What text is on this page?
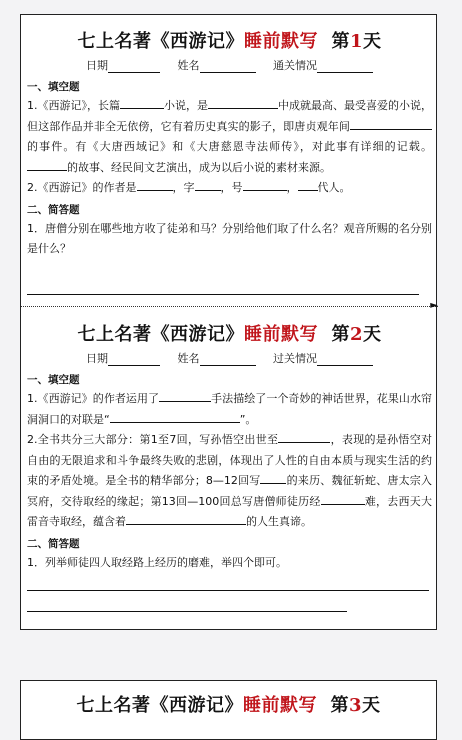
七上名著《西游记》睡前默写 第1天
日期	姓名	通关情况
一、填空题
1.《西游记》，长篇	小说，是	中成就最高、最受喜爱的小说，但这部作品并非全无依傍，它有着历史真实的影子，即唐贞观年间的事件。有《大唐西域记》和《大唐慈恩寺法师传》，对此事有详细的记载。的故事、经民间文艺演出，成为以后小说的素材来源。
2.《西游记》的作者是	，字 ，号	， 代人。
二、简答题
1．唐僧分别在哪些地方收了徒弟和马？分别给他们取了什么名？观音所赐的名分别是什么？
►
七上名著《西游记》睡前默写 第2天
日期	姓名	过关情况
一、填空题
1.《西游记》的作者运用了	手法描绘了一个奇妙的神话世界，花果山水帘洞洞口的对联是“	”。
2.全书共分三大部分：第1至7回，写孙悟空出世至	，表现的是孙悟空对自由的无限追求和斗争最终失败的悲剧，体现出了人性的自由本质与现实生活的约束的矛盾处境。是全书的精华部分；8—12回写 的来历、魏征斩蛇、唐太宗入冥府，交待取经的缘起；第13回—100回总写唐僧师徒历经	难，去西天大雷音寺取经，蕴含着	的人生真谛。
二、简答题
1．列举师徒四人取经路上经历的磨难，举四个即可。
七上名著《西游记》睡前默写 第3天
